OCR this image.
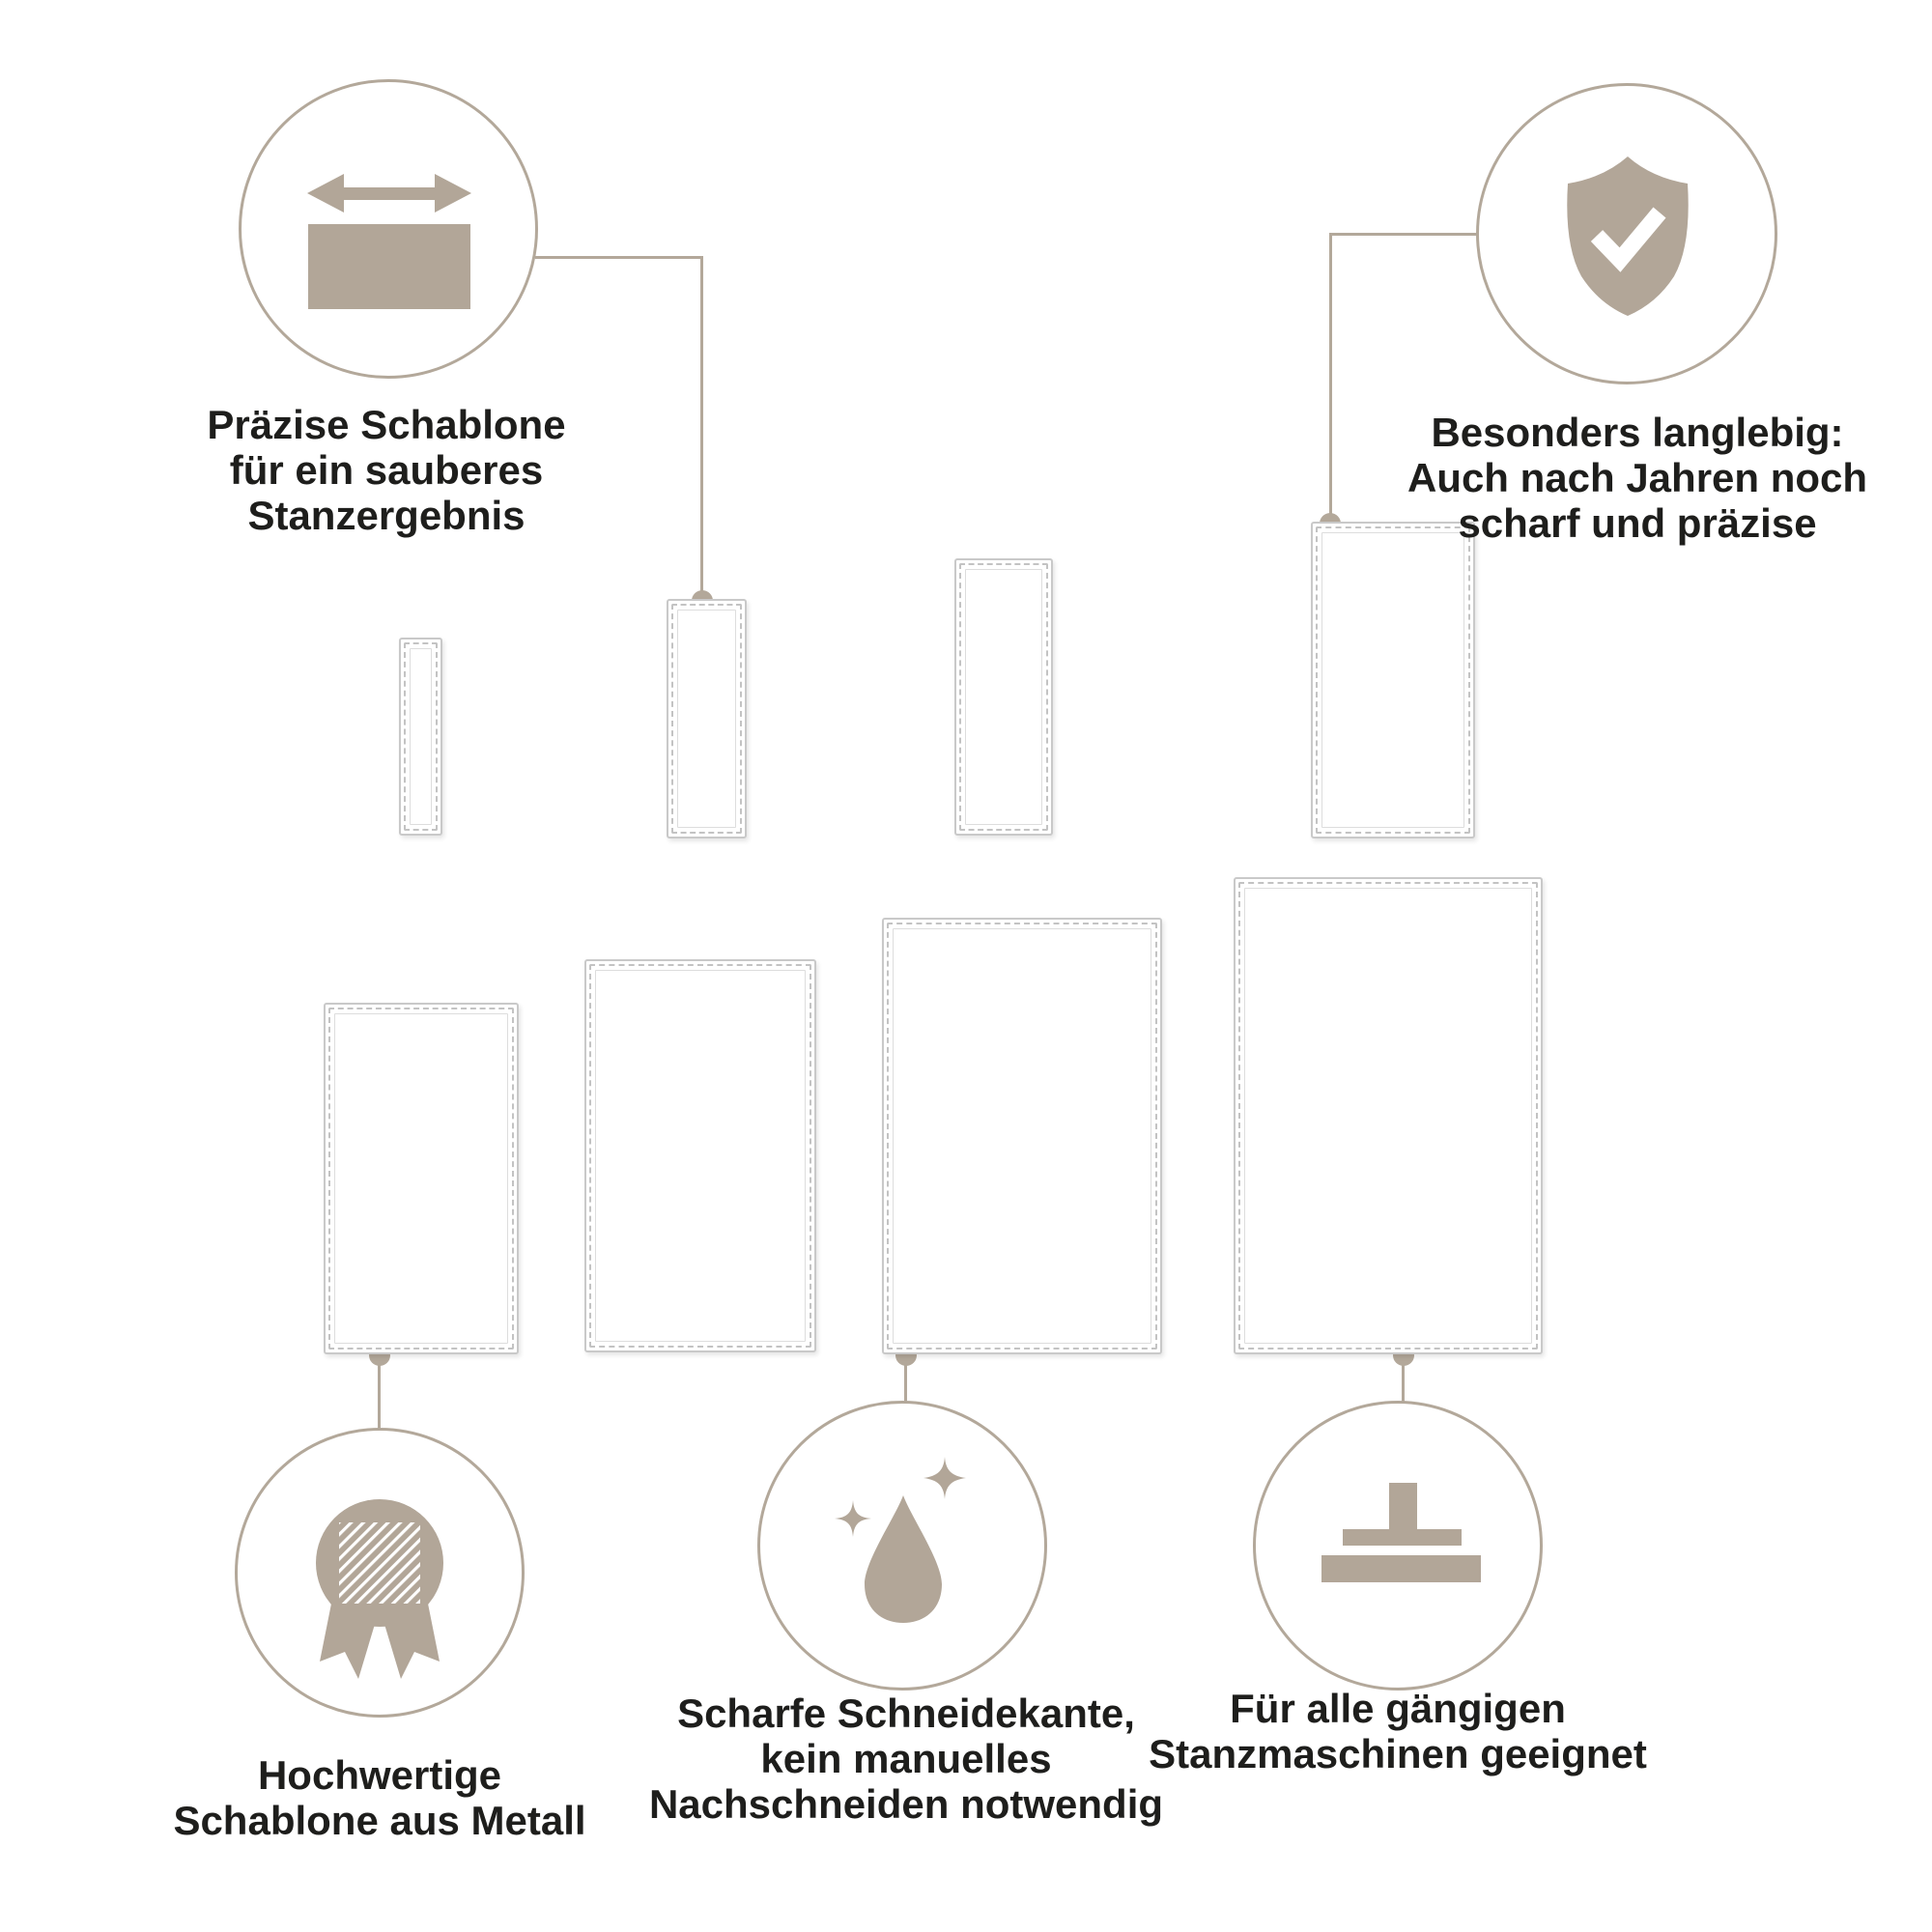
Präzise Schablone
für ein sauberes
Stanzergebnis
Besonders langlebig:
Auch nach Jahren noch
scharf und präzise
Hochwertige
Schablone aus Metall
Scharfe Schneidekante,
kein manuelles
Nachschneiden notwendig
Für alle gängigen
Stanzmaschinen geeignet
